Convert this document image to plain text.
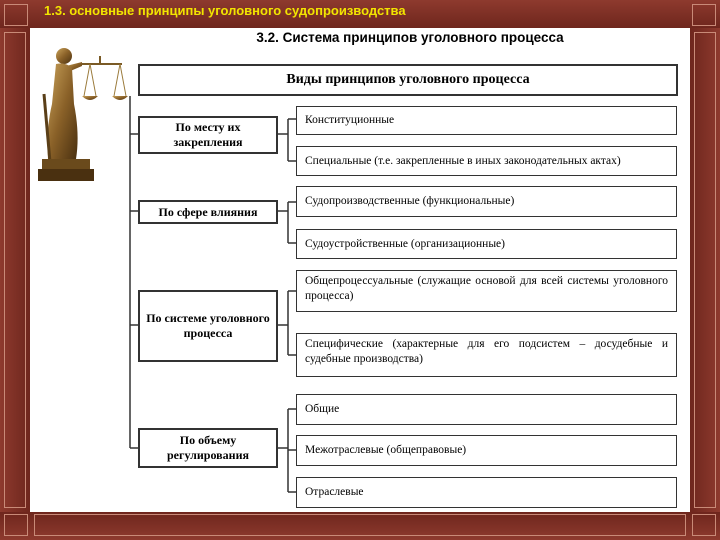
1.3. основные принципы уголовного судопроизводства
3.2. Система принципов уголовного процесса
Виды принципов уголовного процесса
По месту их закрепления
По сфере влияния
По системе уголовного процесса
По объему регулирования
Конституционные
Специальные (т.е. закрепленные в иных законодательных актах)
Судопроизводственные (функциональные)
Судоустройственные (организационные)
Общепроцессуальные (служащие основой для всей системы уголовного процесса)
Специфические (характерные для его подсистем – досудебные и судебные производства)
Общие
Межотраслевые (общеправовые)
Отраслевые
